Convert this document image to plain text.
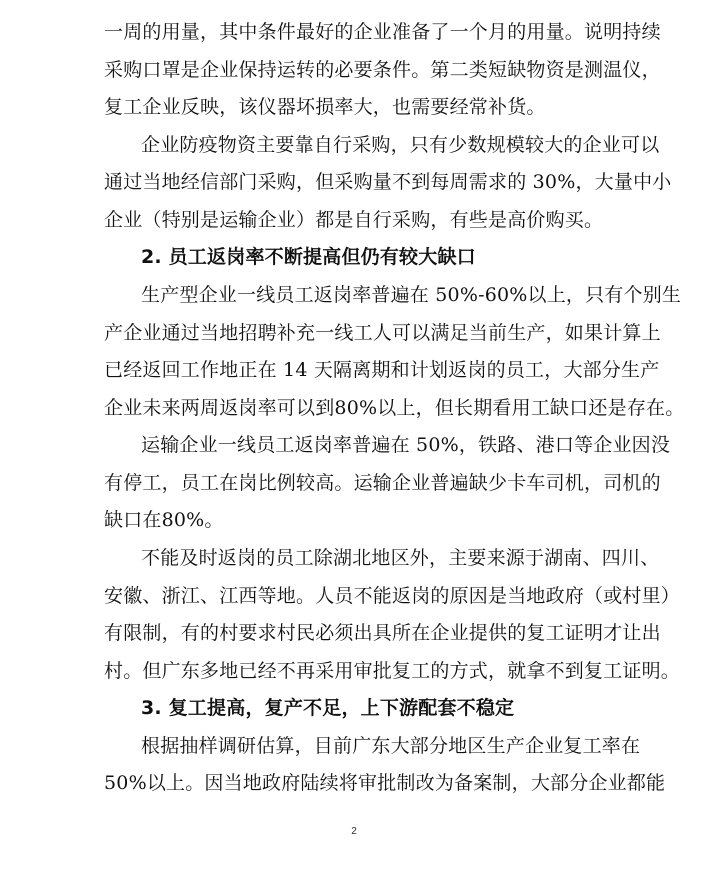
一周的用量，其中条件最好的企业准备了一个月的用量。说明持续
采购口罩是企业保持运转的必要条件。第二类短缺物资是测温仪，
复工企业反映，该仪器坏损率大，也需要经常补货。
企业防疫物资主要靠自行采购，只有少数规模较大的企业可以
通过当地经信部门采购，但采购量不到每周需求的 30%，大量中小
企业（特别是运输企业）都是自行采购，有些是高价购买。
2. 员工返岗率不断提高但仍有较大缺口
生产型企业一线员工返岗率普遍在 50%-60%以上，只有个别生
产企业通过当地招聘补充一线工人可以满足当前生产，如果计算上
已经返回工作地正在 14 天隔离期和计划返岗的员工，大部分生产
企业未来两周返岗率可以到80%以上，但长期看用工缺口还是存在。
运输企业一线员工返岗率普遍在 50%，铁路、港口等企业因没
有停工，员工在岗比例较高。运输企业普遍缺少卡车司机，司机的
缺口在80%。
不能及时返岗的员工除湖北地区外，主要来源于湖南、四川、
安徽、浙江、江西等地。人员不能返岗的原因是当地政府（或村里）
有限制，有的村要求村民必须出具所在企业提供的复工证明才让出
村。但广东多地已经不再采用审批复工的方式，就拿不到复工证明。
3. 复工提高，复产不足，上下游配套不稳定
根据抽样调研估算，目前广东大部分地区生产企业复工率在
50%以上。因当地政府陆续将审批制改为备案制，大部分企业都能
2
